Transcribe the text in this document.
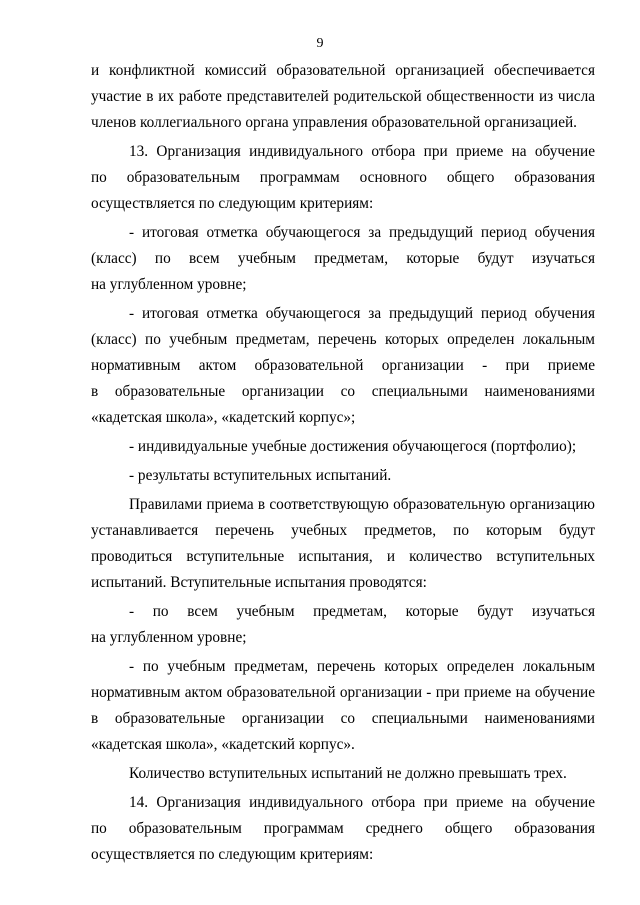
9
и конфликтной комиссий образовательной организацией обеспечивается
участие в их работе представителей родительской общественности из числа
членов коллегиального органа управления образовательной организацией.
13. Организация индивидуального отбора при приеме на обучение
по образовательным программам основного общего образования
осуществляется по следующим критериям:
- итоговая отметка обучающегося за предыдущий период обучения
(класс) по всем учебным предметам, которые будут изучаться
на углубленном уровне;
- итоговая отметка обучающегося за предыдущий период обучения
(класс) по учебным предметам, перечень которых определен локальным
нормативным актом образовательной организации - при приеме
в образовательные организации со специальными наименованиями
«кадетская школа», «кадетский корпус»;
- индивидуальные учебные достижения обучающегося (портфолио);
- результаты вступительных испытаний.
Правилами приема в соответствующую образовательную организацию
устанавливается перечень учебных предметов, по которым будут
проводиться вступительные испытания, и количество вступительных
испытаний. Вступительные испытания проводятся:
- по всем учебным предметам, которые будут изучаться
на углубленном уровне;
- по учебным предметам, перечень которых определен локальным
нормативным актом образовательной организации - при приеме на обучение
в образовательные организации со специальными наименованиями
«кадетская школа», «кадетский корпус».
Количество вступительных испытаний не должно превышать трех.
14. Организация индивидуального отбора при приеме на обучение
по образовательным программам среднего общего образования
осуществляется по следующим критериям:
